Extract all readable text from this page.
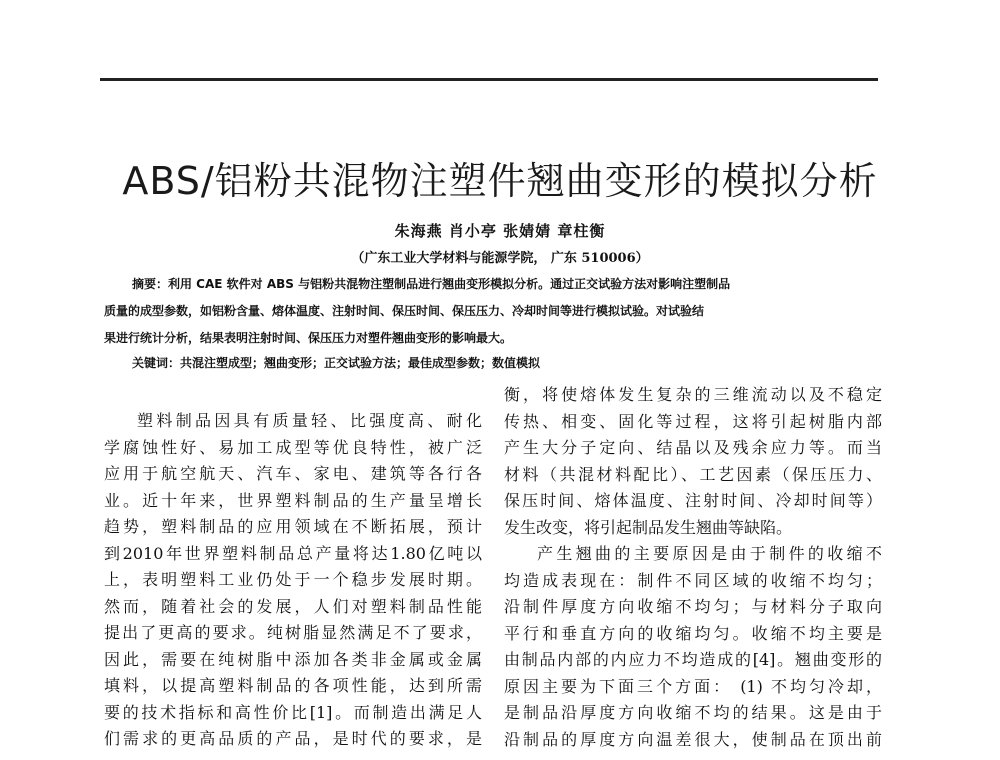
ABS/铝粉共混物注塑件翘曲变形的模拟分析
朱海燕 肖小亭 张婧婧 章柱衡
（广东工业大学材料与能源学院， 广东 510006）
摘要：利用 CAE 软件对 ABS 与铝粉共混物注塑制品进行翘曲变形模拟分析。通过正交试验方法对影响注塑制品
质量的成型参数，如铝粉含量、熔体温度、注射时间、保压时间、保压压力、冷却时间等进行模拟试验。对试验结
果进行统计分析，结果表明注射时间、保压压力对塑件翘曲变形的影响最大。
关键词：共混注塑成型；翘曲变形；正交试验方法；最佳成型参数；数值模拟
塑料制品因具有质量轻、比强度高、耐化
学腐蚀性好、易加工成型等优良特性，被广泛
应用于航空航天、汽车、家电、建筑等各行各
业。近十年来，世界塑料制品的生产量呈增长
趋势，塑料制品的应用领域在不断拓展，预计
到2010年世界塑料制品总产量将达1.80亿吨以
上，表明塑料工业仍处于一个稳步发展时期。
然而，随着社会的发展，人们对塑料制品性能
提出了更高的要求。纯树脂显然满足不了要求，
因此，需要在纯树脂中添加各类非金属或金属
填料，以提高塑料制品的各项性能，达到所需
要的技术指标和高性价比[1]。而制造出满足人
们需求的更高品质的产品，是时代的要求，是
衡，将使熔体发生复杂的三维流动以及不稳定
传热、相变、固化等过程，这将引起树脂内部
产生大分子定向、结晶以及残余应力等。而当
材料（共混材料配比）、工艺因素（保压压力、
保压时间、熔体温度、注射时间、冷却时间等）
发生改变，将引起制品发生翘曲等缺陷。
产生翘曲的主要原因是由于制件的收缩不
均造成表现在：制件不同区域的收缩不均匀；
沿制件厚度方向收缩不均匀；与材料分子取向
平行和垂直方向的收缩均匀。收缩不均主要是
由制品内部的内应力不均造成的[4]。翘曲变形的
原因主要为下面三个方面： (1) 不均匀冷却，
是制品沿厚度方向收缩不均的结果。这是由于
沿制品的厚度方向温差很大，使制品在顶出前
